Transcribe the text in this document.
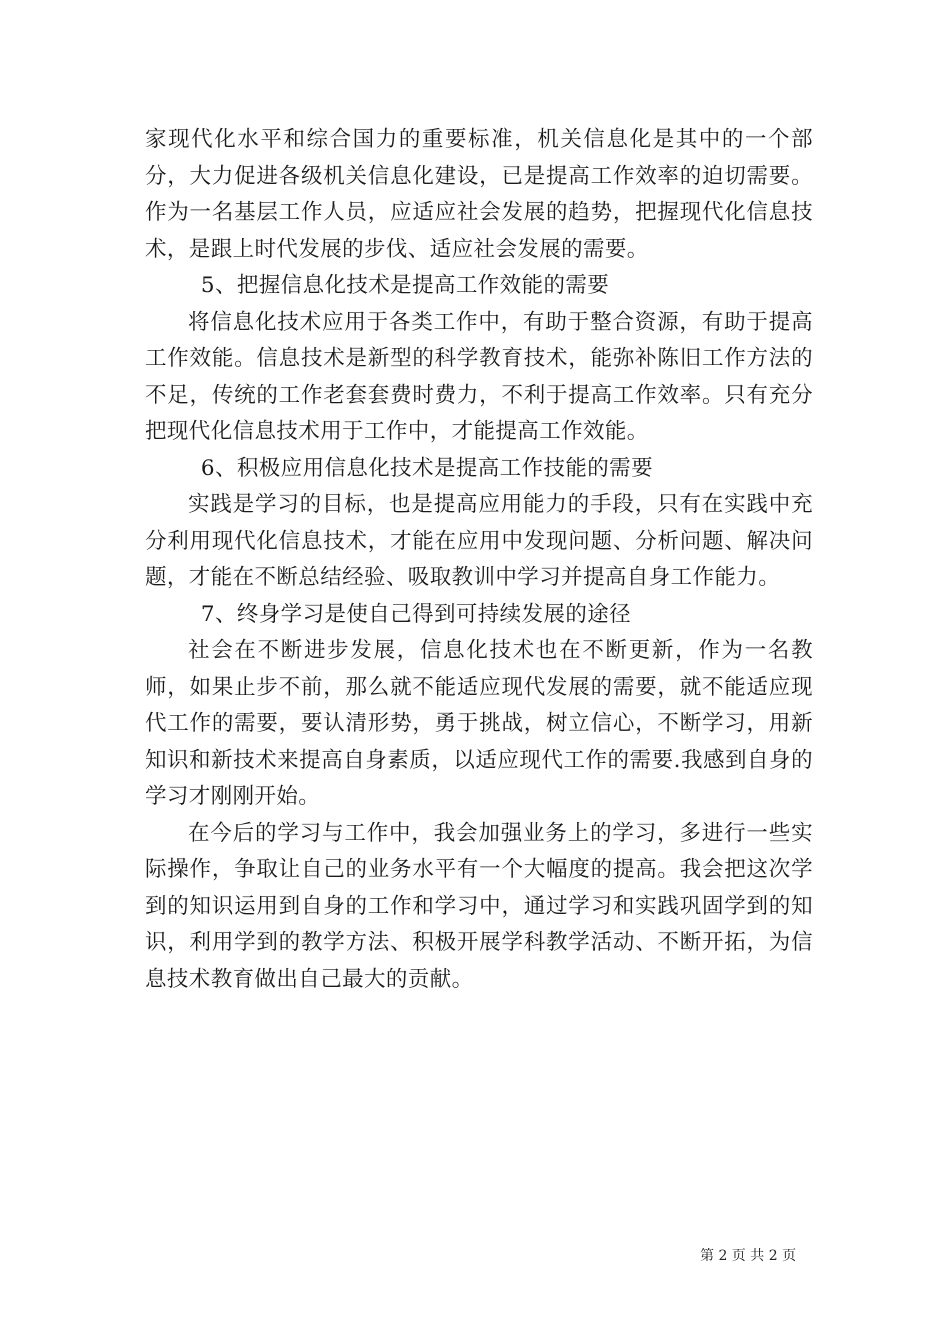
家现代化水平和综合国力的重要标准，机关信息化是其中的一个部分，大力促进各级机关信息化建设，已是提高工作效率的迫切需要。作为一名基层工作人员，应适应社会发展的趋势，把握现代化信息技术，是跟上时代发展的步伐、适应社会发展的需要。

5、把握信息化技术是提高工作效能的需要

将信息化技术应用于各类工作中，有助于整合资源，有助于提高工作效能。信息技术是新型的科学教育技术，能弥补陈旧工作方法的不足，传统的工作老套套费时费力，不利于提高工作效率。只有充分把现代化信息技术用于工作中，才能提高工作效能。

6、积极应用信息化技术是提高工作技能的需要

实践是学习的目标，也是提高应用能力的手段，只有在实践中充分利用现代化信息技术，才能在应用中发现问题、分析问题、解决问题，才能在不断总结经验、吸取教训中学习并提高自身工作能力。

7、终身学习是使自己得到可持续发展的途径

社会在不断进步发展，信息化技术也在不断更新，作为一名教师，如果止步不前，那么就不能适应现代发展的需要，就不能适应现代工作的需要，要认清形势，勇于挑战，树立信心，不断学习，用新知识和新技术来提高自身素质，以适应现代工作的需要.我感到自身的学习才刚刚开始。

在今后的学习与工作中，我会加强业务上的学习，多进行一些实际操作，争取让自己的业务水平有一个大幅度的提高。我会把这次学到的知识运用到自身的工作和学习中，通过学习和实践巩固学到的知识，利用学到的教学方法、积极开展学科教学活动、不断开拓，为信息技术教育做出自己最大的贡献。

第 2 页 共 2 页
